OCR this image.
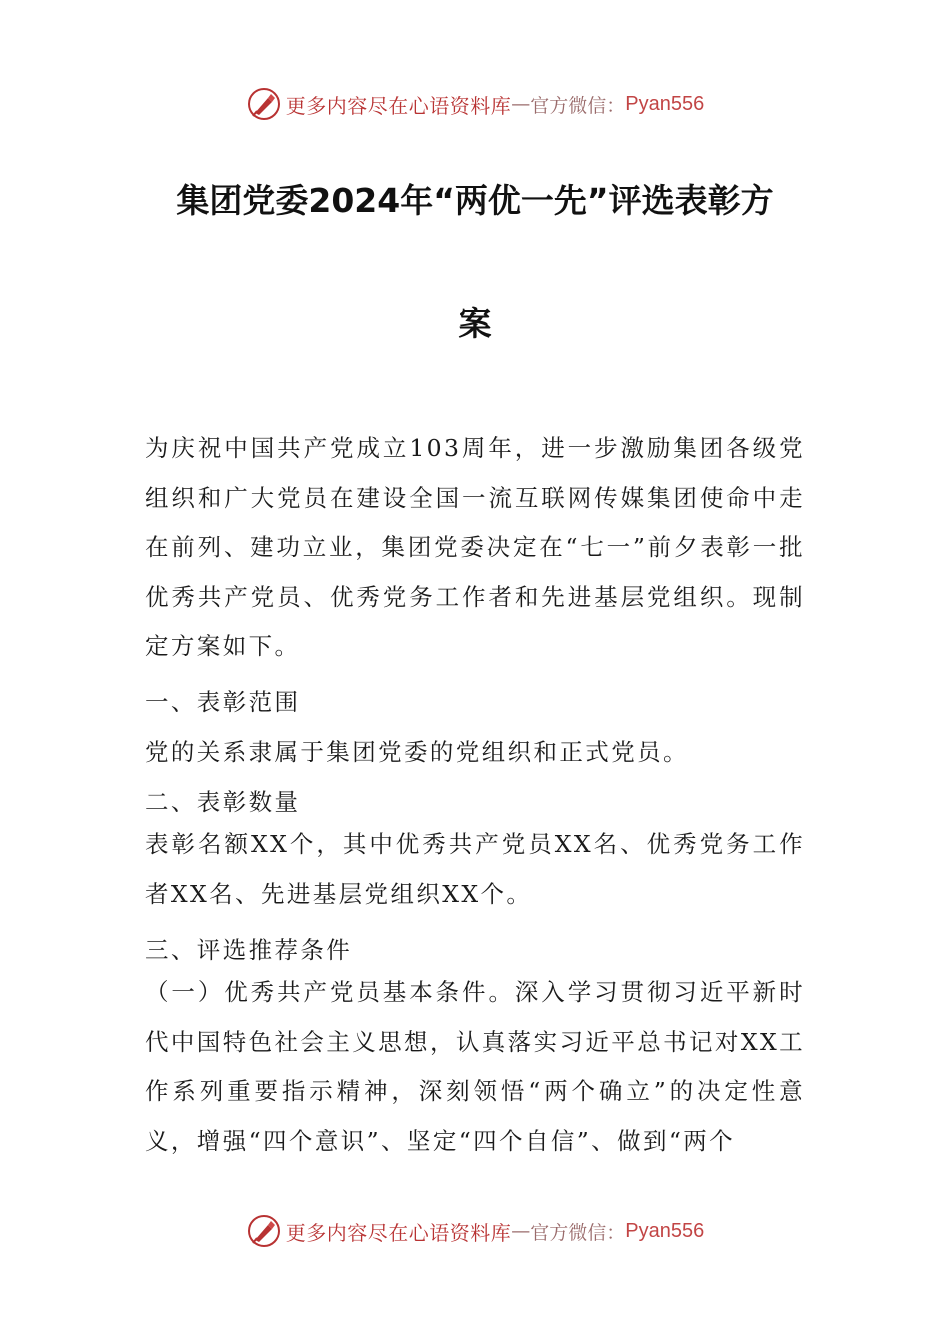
更多内容尽在心语资料库 — 官方微信： Pyan556
集团党委2024年“两优一先”评选表彰方
案
为庆祝中国共产党成立103周年，进一步激励集团各级党组织和广大党员在建设全国一流互联网传媒集团使命中走在前列、建功立业，集团党委决定在“七一”前夕表彰一批优秀共产党员、优秀党务工作者和先进基层党组织。现制定方案如下。
一、表彰范围
党的关系隶属于集团党委的党组织和正式党员。
二、表彰数量
表彰名额XX个，其中优秀共产党员XX名、优秀党务工作者XX名、先进基层党组织XX个。
三、评选推荐条件
（一）优秀共产党员基本条件。深入学习贯彻习近平新时代中国特色社会主义思想，认真落实习近平总书记对XX工作系列重要指示精神，深刻领悟“两个确立”的决定性意义，增强“四个意识”、坚定“四个自信”、做到“两个
更多内容尽在心语资料库 — 官方微信： Pyan556
